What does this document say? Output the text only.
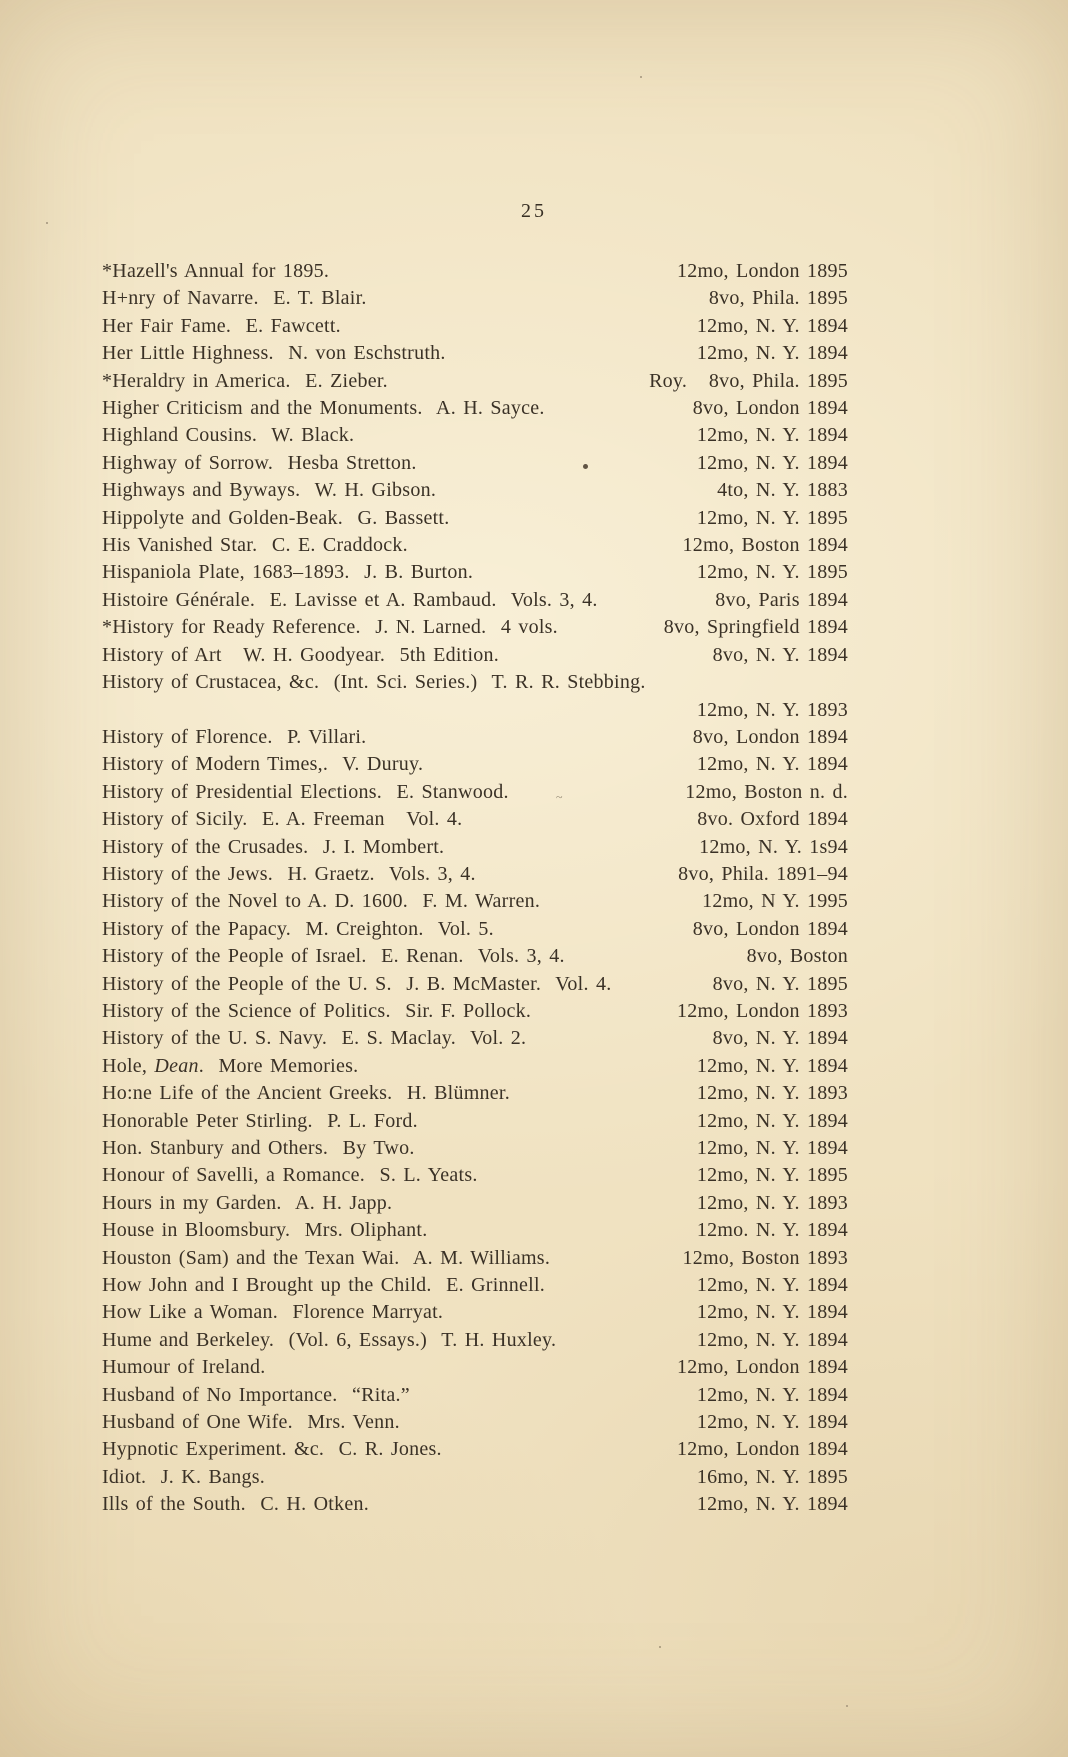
25
*Hazell's Annual for 1895.	12mo, London 1895
H+nry of Navarre.  E. T. Blair.	8vo, Phila. 1895
Her Fair Fame.  E. Fawcett.	12mo, N. Y. 1894
Her Little Highness.  N. von Eschstruth.	12mo, N. Y. 1894
*Heraldry in America.  E. Zieber.	Roy.   8vo, Phila. 1895
Higher Criticism and the Monuments.  A. H. Sayce.	8vo, London 1894
Highland Cousins.  W. Black.	12mo, N. Y. 1894
Highway of Sorrow.  Hesba Stretton.	12mo, N. Y. 1894
Highways and Byways.  W. H. Gibson.	4to, N. Y. 1883
Hippolyte and Golden-Beak.  G. Bassett.	12mo, N. Y. 1895
His Vanished Star.  C. E. Craddock.	12mo, Boston 1894
Hispaniola Plate, 1683–1893.  J. B. Burton.	12mo, N. Y. 1895
Histoire Générale.  E. Lavisse et A. Rambaud.  Vols. 3, 4.	8vo, Paris 1894
*History for Ready Reference.  J. N. Larned.  4 vols.	8vo, Springfield 1894
History of Art   W. H. Goodyear.  5th Edition.	8vo, N. Y. 1894
History of Crustacea, &c.  (Int. Sci. Series.)  T. R. R. Stebbing.
12mo, N. Y. 1893
History of Florence.  P. Villari.	8vo, London 1894
History of Modern Times,.  V. Duruy.	12mo, N. Y. 1894
History of Presidential Elections.  E. Stanwood.	12mo, Boston n. d.
History of Sicily.  E. A. Freeman   Vol. 4.	8vo. Oxford 1894
History of the Crusades.  J. I. Mombert.	12mo, N. Y. 1s94
History of the Jews.  H. Graetz.  Vols. 3, 4.	8vo, Phila. 1891–94
History of the Novel to A. D. 1600.  F. M. Warren.	12mo, N Y. 1995
History of the Papacy.  M. Creighton.  Vol. 5.	8vo, London 1894
History of the People of Israel.  E. Renan.  Vols. 3, 4.	8vo, Boston
History of the People of the U. S.  J. B. McMaster.  Vol. 4.	8vo, N. Y. 1895
History of the Science of Politics.  Sir. F. Pollock.	12mo, London 1893
History of the U. S. Navy.  E. S. Maclay.  Vol. 2.	8vo, N. Y. 1894
Hole, Dean.  More Memories.	12mo, N. Y. 1894
Ho:ne Life of the Ancient Greeks.  H. Blümner.	12mo, N. Y. 1893
Honorable Peter Stirling.  P. L. Ford.	12mo, N. Y. 1894
Hon. Stanbury and Others.  By Two.	12mo, N. Y. 1894
Honour of Savelli, a Romance.  S. L. Yeats.	12mo, N. Y. 1895
Hours in my Garden.  A. H. Japp.	12mo, N. Y. 1893
House in Bloomsbury.  Mrs. Oliphant.	12mo. N. Y. 1894
Houston (Sam) and the Texan Wai.  A. M. Williams.	12mo, Boston 1893
How John and I Brought up the Child.  E. Grinnell.	12mo, N. Y. 1894
How Like a Woman.  Florence Marryat.	12mo, N. Y. 1894
Hume and Berkeley.  (Vol. 6, Essays.)  T. H. Huxley.	12mo, N. Y. 1894
Humour of Ireland.	12mo, London 1894
Husband of No Importance.  “Rita.”	12mo, N. Y. 1894
Husband of One Wife.  Mrs. Venn.	12mo, N. Y. 1894
Hypnotic Experiment. &c.  C. R. Jones.	12mo, London 1894
Idiot.  J. K. Bangs.	16mo, N. Y. 1895
Ills of the South.  C. H. Otken.	12mo, N. Y. 1894
~
